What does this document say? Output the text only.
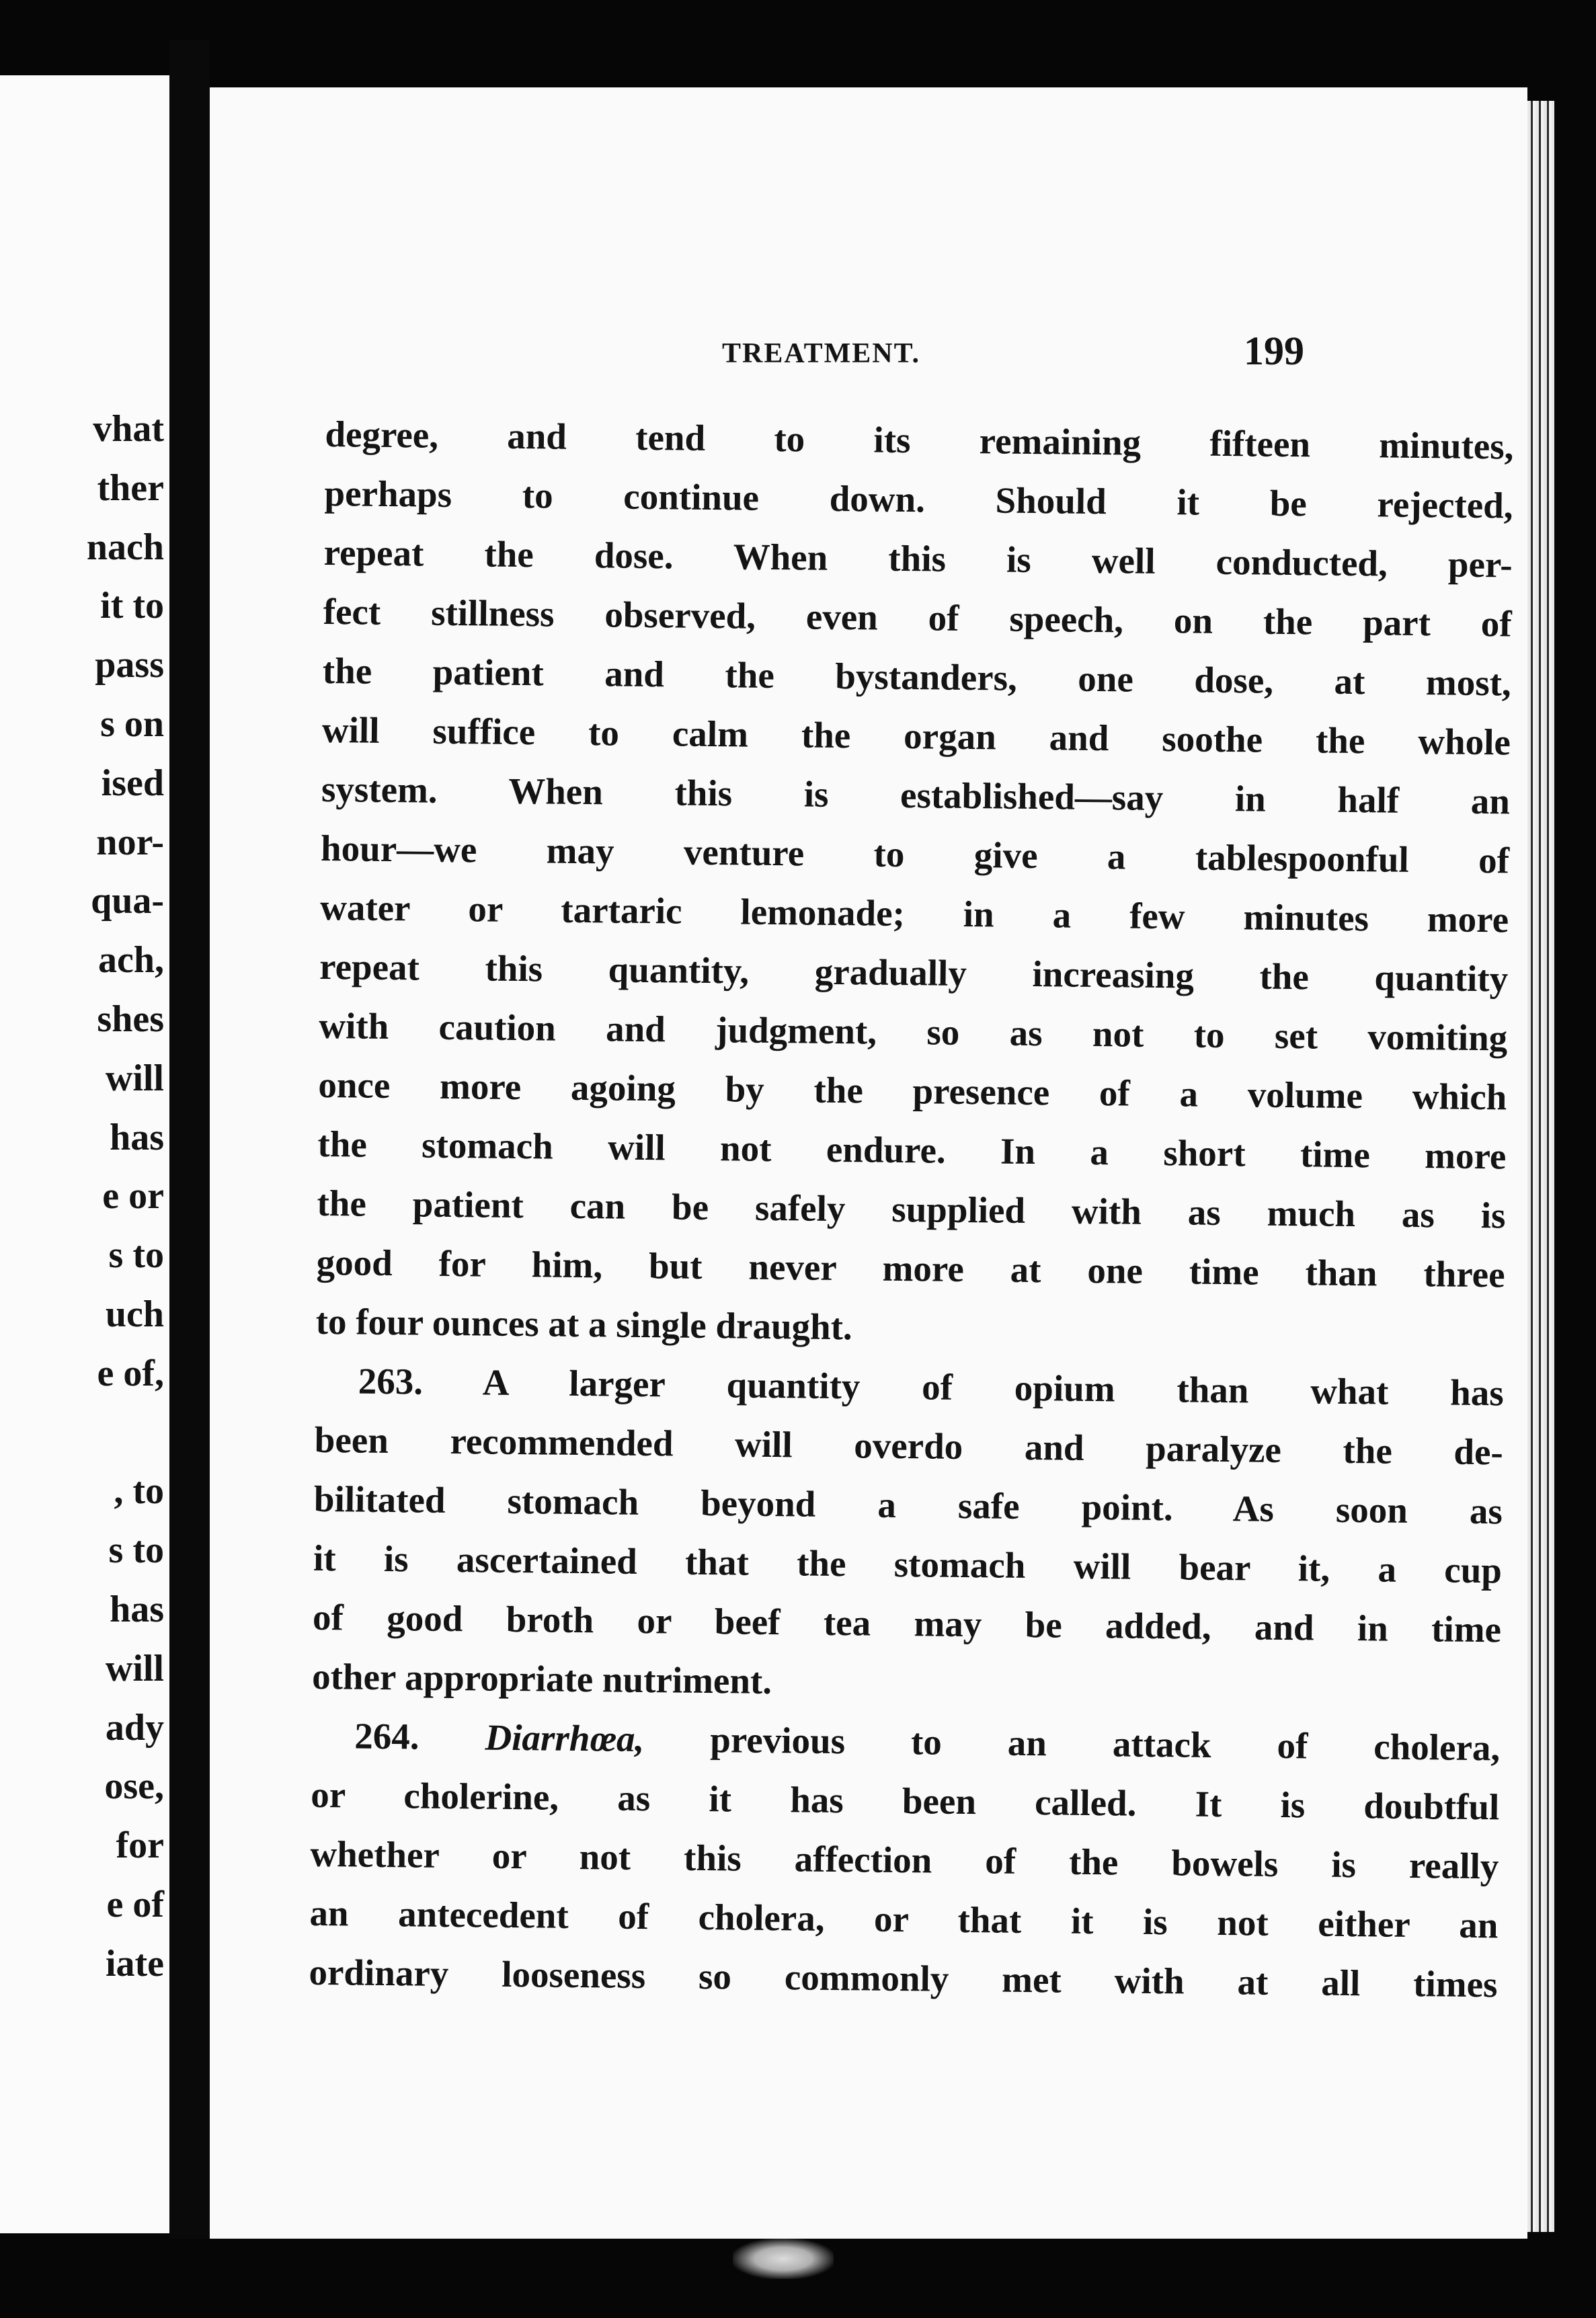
vhat
ther
nach
it to
pass
s on
ised
nor-
qua-
ach,
shes
will
has
e or
s to
uch
e of,
, to
s to
has
will
ady
ose,
for
e of
iate
TREATMENT.	199
degree, and tend to its remaining fifteen minutes,
perhaps to continue down. Should it be rejected,
repeat the dose. When this is well conducted, per-
fect stillness observed, even of speech, on the part of
the patient and the bystanders, one dose, at most,
will suffice to calm the organ and soothe the whole
system. When this is established—say in half an
hour—we may venture to give a tablespoonful of
water or tartaric lemonade; in a few minutes more
repeat this quantity, gradually increasing the quantity
with caution and judgment, so as not to set vomiting
once more agoing by the presence of a volume which
the stomach will not endure. In a short time more
the patient can be safely supplied with as much as is
good for him, but never more at one time than three
to four ounces at a single draught.
263. A larger quantity of opium than what has
been recommended will overdo and paralyze the de-
bilitated stomach beyond a safe point. As soon as
it is ascertained that the stomach will bear it, a cup
of good broth or beef tea may be added, and in time
other appropriate nutriment.
264. Diarrhœa, previous to an attack of cholera,
or cholerine, as it has been called. It is doubtful
whether or not this affection of the bowels is really
an antecedent of cholera, or that it is not either an
ordinary looseness so commonly met with at all times
